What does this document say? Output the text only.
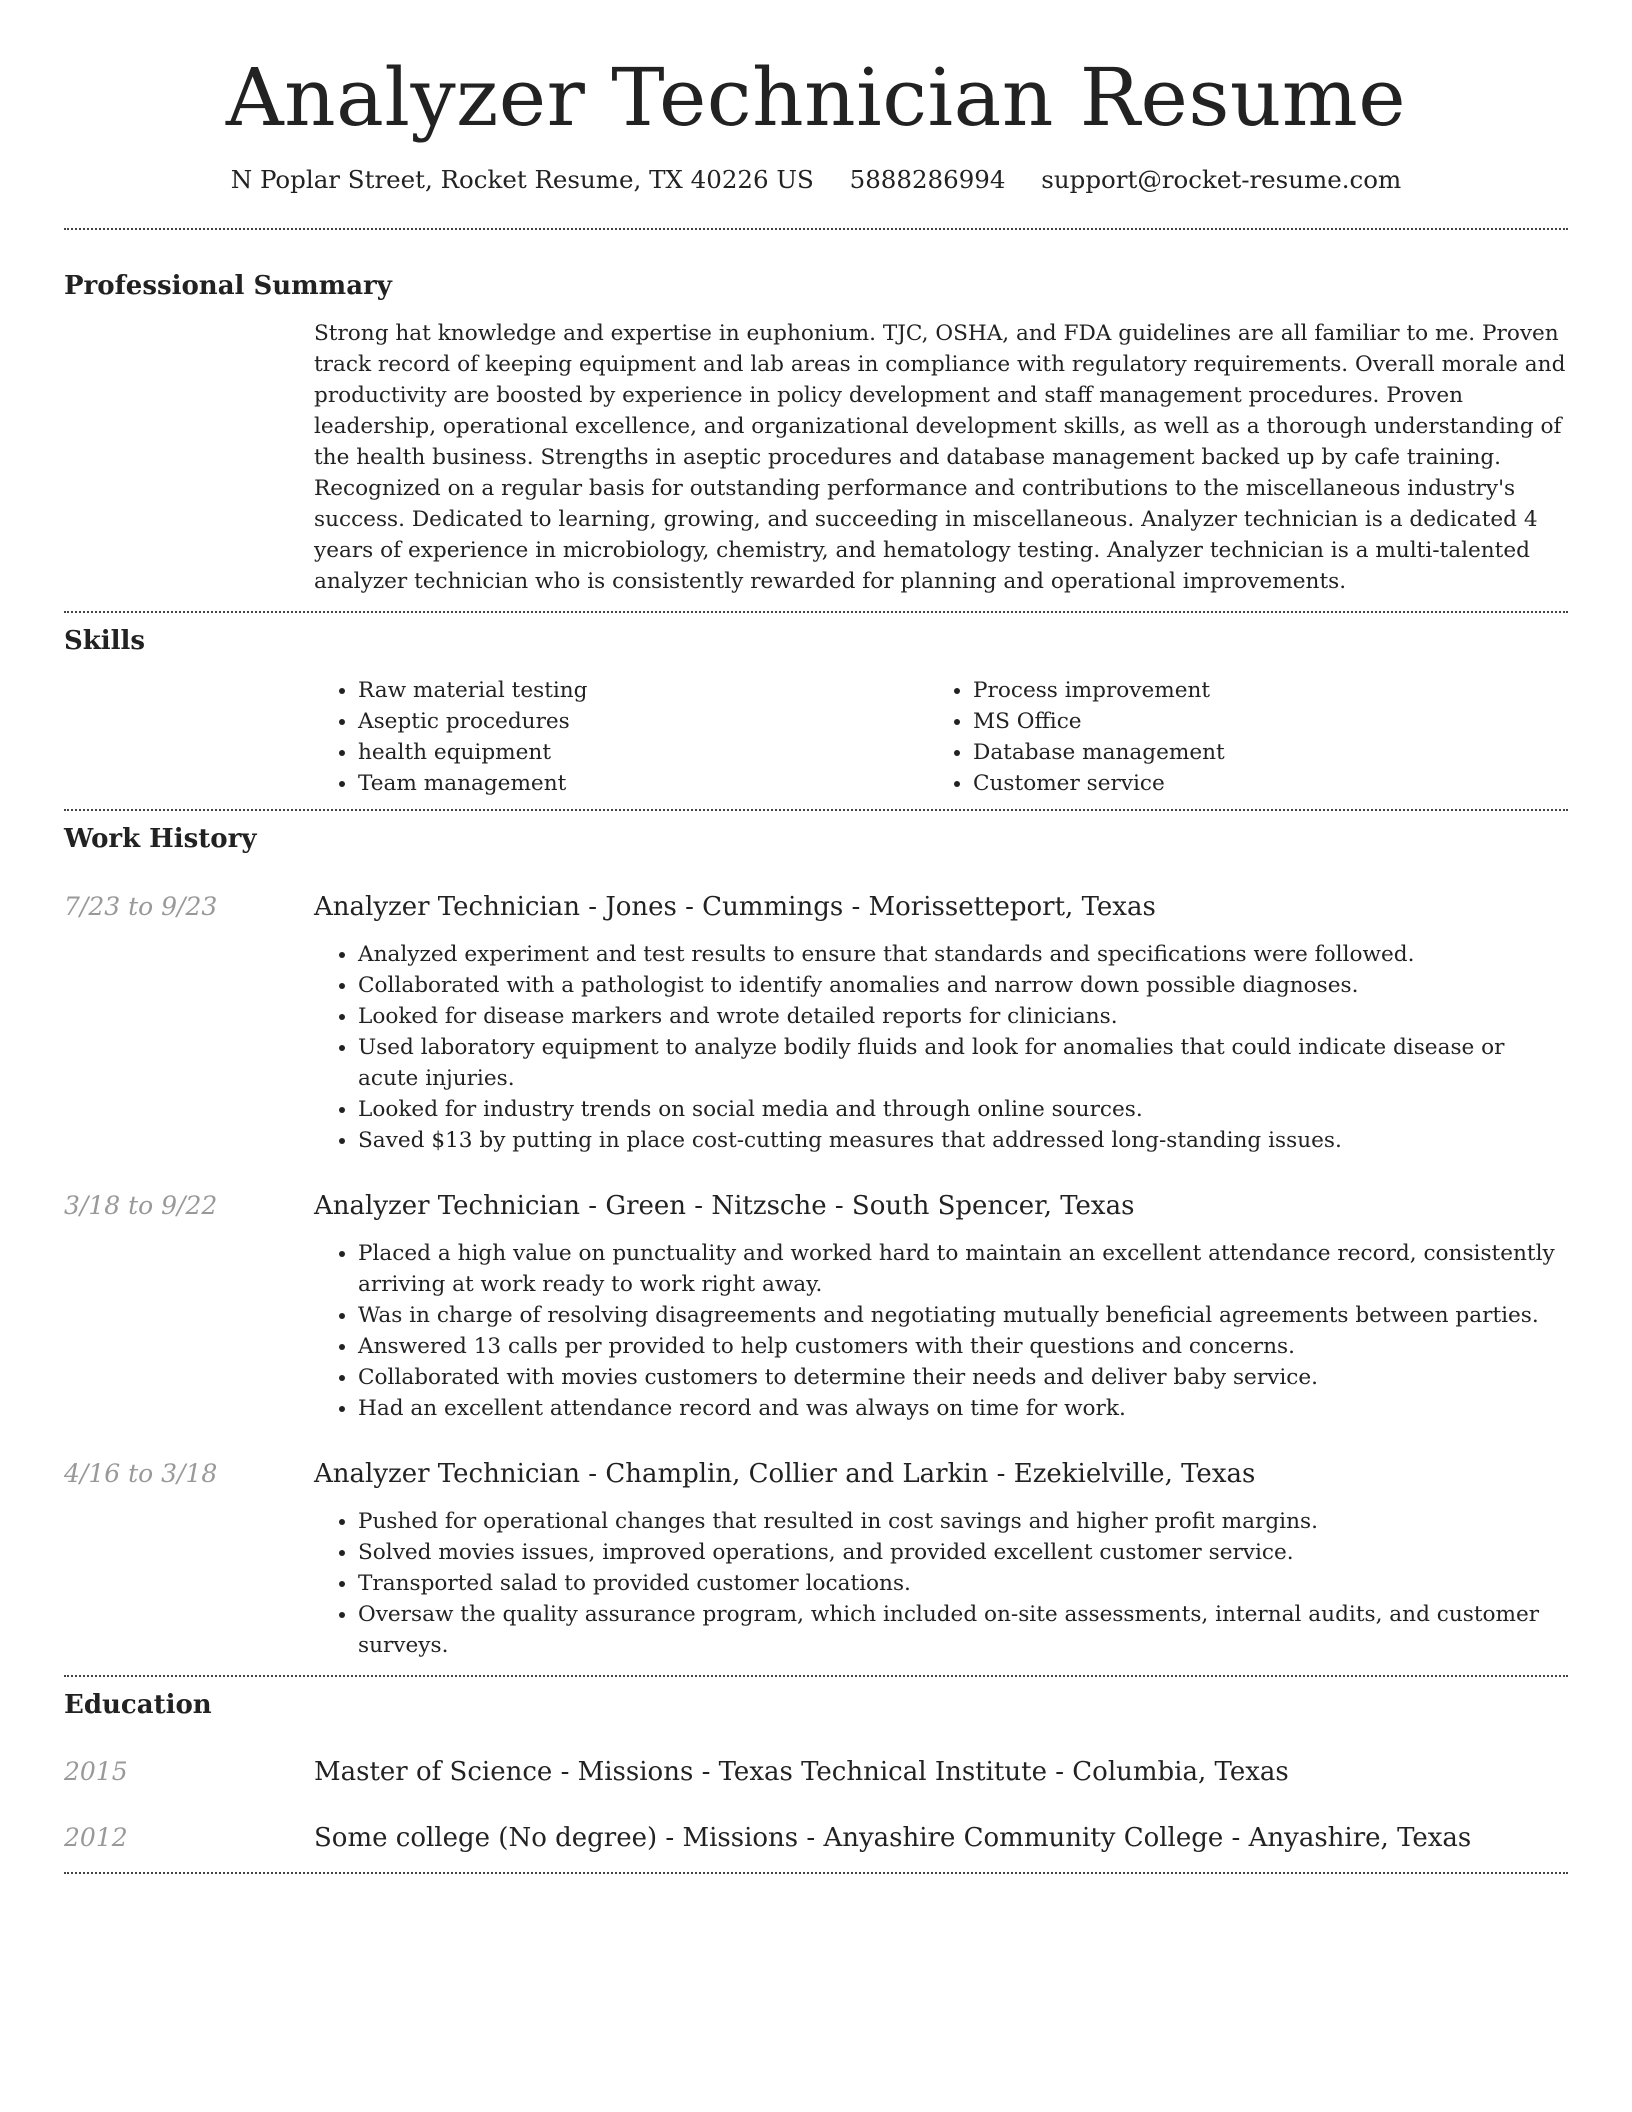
Analyzer Technician Resume
N Poplar Street, Rocket Resume, TX 40226 US 5888286994 support@rocket-resume.com
Professional Summary
Strong hat knowledge and expertise in euphonium. TJC, OSHA, and FDA guidelines are all familiar to me. Proven track record of keeping equipment and lab areas in compliance with regulatory requirements. Overall morale and productivity are boosted by experience in policy development and staff management procedures. Proven leadership, operational excellence, and organizational development skills, as well as a thorough understanding of the health business. Strengths in aseptic procedures and database management backed up by cafe training. Recognized on a regular basis for outstanding performance and contributions to the miscellaneous industry's success. Dedicated to learning, growing, and succeeding in miscellaneous. Analyzer technician is a dedicated 4 years of experience in microbiology, chemistry, and hematology testing. Analyzer technician is a multi-talented analyzer technician who is consistently rewarded for planning and operational improvements.
Skills
• Raw material testing
• Aseptic procedures
• health equipment
• Team management
• Process improvement
• MS Office
• Database management
• Customer service
Work History
7/23 to 9/23	Analyzer Technician - Jones - Cummings - Morissetteport, Texas
• Analyzed experiment and test results to ensure that standards and specifications were followed.
• Collaborated with a pathologist to identify anomalies and narrow down possible diagnoses.
• Looked for disease markers and wrote detailed reports for clinicians.
• Used laboratory equipment to analyze bodily fluids and look for anomalies that could indicate disease or acute injuries.
• Looked for industry trends on social media and through online sources.
• Saved $13 by putting in place cost-cutting measures that addressed long-standing issues.
3/18 to 9/22	Analyzer Technician - Green - Nitzsche - South Spencer, Texas
• Placed a high value on punctuality and worked hard to maintain an excellent attendance record, consistently arriving at work ready to work right away.
• Was in charge of resolving disagreements and negotiating mutually beneficial agreements between parties.
• Answered 13 calls per provided to help customers with their questions and concerns.
• Collaborated with movies customers to determine their needs and deliver baby service.
• Had an excellent attendance record and was always on time for work.
4/16 to 3/18	Analyzer Technician - Champlin, Collier and Larkin - Ezekielville, Texas
• Pushed for operational changes that resulted in cost savings and higher profit margins.
• Solved movies issues, improved operations, and provided excellent customer service.
• Transported salad to provided customer locations.
• Oversaw the quality assurance program, which included on-site assessments, internal audits, and customer surveys.
Education
2015	Master of Science - Missions - Texas Technical Institute - Columbia, Texas
2012	Some college (No degree) - Missions - Anyashire Community College - Anyashire, Texas
